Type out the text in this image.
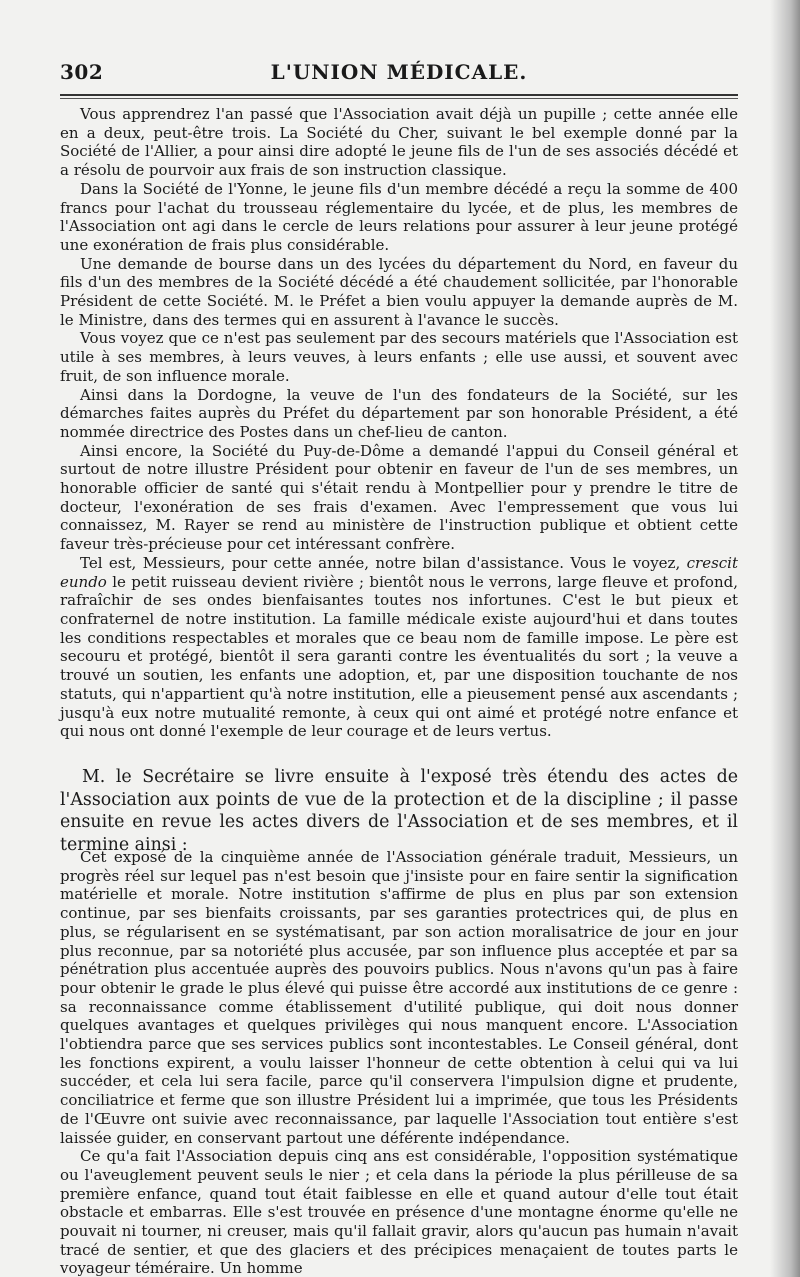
302	L'UNION MÉDICALE.

Vous apprendrez l'an passé que l'Association avait déjà un pupille ; cette année elle en a deux, peut-être trois. La Société du Cher, suivant le bel exemple donné par la Société de l'Allier, a pour ainsi dire adopté le jeune fils de l'un de ses associés décédé et a résolu de pourvoir aux frais de son instruction classique.

Dans la Société de l'Yonne, le jeune fils d'un membre décédé a reçu la somme de 400 francs pour l'achat du trousseau réglementaire du lycée, et de plus, les membres de l'Association ont agi dans le cercle de leurs relations pour assurer à leur jeune protégé une exonération de frais plus considérable.

Une demande de bourse dans un des lycées du département du Nord, en faveur du fils d'un des membres de la Société décédé a été chaudement sollicitée, par l'honorable Président de cette Société. M. le Préfet a bien voulu appuyer la demande auprès de M. le Ministre, dans des termes qui en assurent à l'avance le succès.

Vous voyez que ce n'est pas seulement par des secours matériels que l'Association est utile à ses membres, à leurs veuves, à leurs enfants ; elle use aussi, et souvent avec fruit, de son influence morale.

Ainsi dans la Dordogne, la veuve de l'un des fondateurs de la Société, sur les démarches faites auprès du Préfet du département par son honorable Président, a été nommée directrice des Postes dans un chef-lieu de canton.

Ainsi encore, la Société du Puy-de-Dôme a demandé l'appui du Conseil général et surtout de notre illustre Président pour obtenir en faveur de l'un de ses membres, un honorable officier de santé qui s'était rendu à Montpellier pour y prendre le titre de docteur, l'exonération de ses frais d'examen. Avec l'empressement que vous lui connaissez, M. Rayer se rend au ministère de l'instruction publique et obtient cette faveur très-précieuse pour cet intéressant confrère.

Tel est, Messieurs, pour cette année, notre bilan d'assistance. Vous le voyez, crescit eundo le petit ruisseau devient rivière ; bientôt nous le verrons, large fleuve et profond, rafraîchir de ses ondes bienfaisantes toutes nos infortunes. C'est le but pieux et confraternel de notre institution. La famille médicale existe aujourd'hui et dans toutes les conditions respectables et morales que ce beau nom de famille impose. Le père est secouru et protégé, bientôt il sera garanti contre les éventualités du sort ; la veuve a trouvé un soutien, les enfants une adoption, et, par une disposition touchante de nos statuts, qui n'appartient qu'à notre institution, elle a pieusement pensé aux ascendants ; jusqu'à eux notre mutualité remonte, à ceux qui ont aimé et protégé notre enfance et qui nous ont donné l'exemple de leur courage et de leurs vertus.

M. le Secrétaire se livre ensuite à l'exposé très étendu des actes de l'Association aux points de vue de la protection et de la discipline ; il passe ensuite en revue les actes divers de l'Association et de ses membres, et il termine ainsi :

Cet exposé de la cinquième année de l'Association générale traduit, Messieurs, un progrès réel sur lequel pas n'est besoin que j'insiste pour en faire sentir la signification matérielle et morale. Notre institution s'affirme de plus en plus par son extension continue, par ses bienfaits croissants, par ses garanties protectrices qui, de plus en plus, se régularisent en se systématisant, par son action moralisatrice de jour en jour plus reconnue, par sa notoriété plus accusée, par son influence plus acceptée et par sa pénétration plus accentuée auprès des pouvoirs publics. Nous n'avons qu'un pas à faire pour obtenir le grade le plus élevé qui puisse être accordé aux institutions de ce genre : sa reconnaissance comme établissement d'utilité publique, qui doit nous donner quelques avantages et quelques privilèges qui nous manquent encore. L'Association l'obtiendra parce que ses services publics sont incontestables. Le Conseil général, dont les fonctions expirent, a voulu laisser l'honneur de cette obtention à celui qui va lui succéder, et cela lui sera facile, parce qu'il conservera l'impulsion digne et prudente, conciliatrice et ferme que son illustre Président lui a imprimée, que tous les Présidents de l'Œuvre ont suivie avec reconnaissance, par laquelle l'Association tout entière s'est laissée guider, en conservant partout une déférente indépendance.

Ce qu'a fait l'Association depuis cinq ans est considérable, l'opposition systématique ou l'aveuglement peuvent seuls le nier ; et cela dans la période la plus périlleuse de sa première enfance, quand tout était faiblesse en elle et quand autour d'elle tout était obstacle et embarras. Elle s'est trouvée en présence d'une montagne énorme qu'elle ne pouvait ni tourner, ni creuser, mais qu'il fallait gravir, alors qu'aucun pas humain n'avait tracé de sentier, et que des glaciers et des précipices menaçaient de toutes parts le voyageur téméraire. Un homme
